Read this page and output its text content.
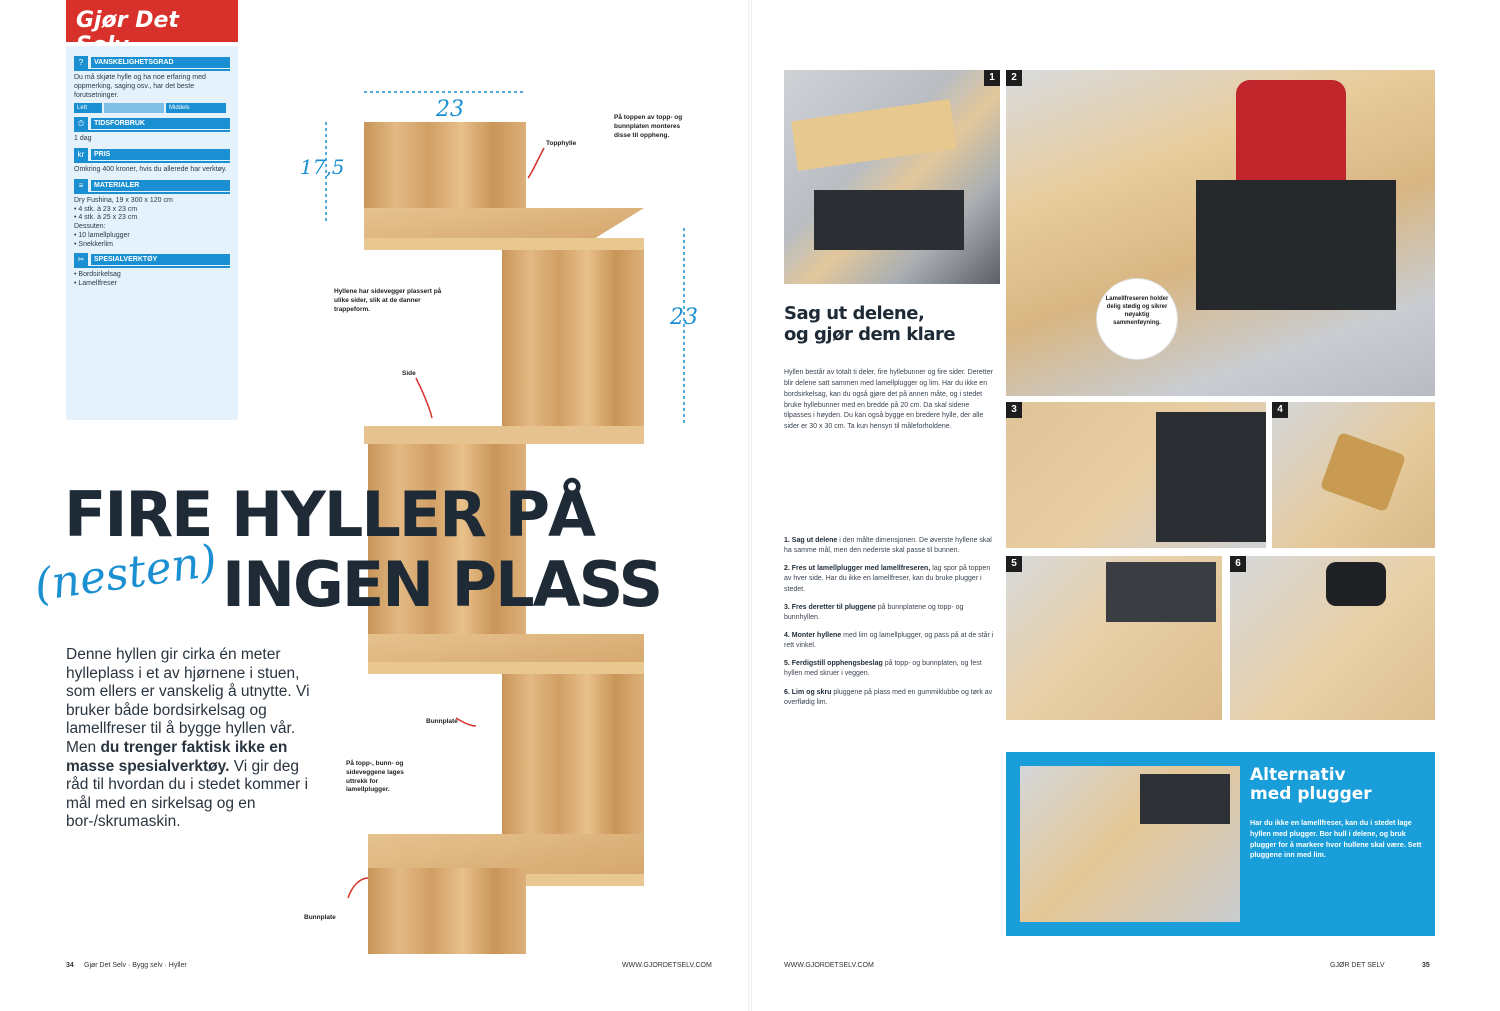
Gjør Det
?	VANSKELIGHETSGRAD
Du må skjøte hylle og ha noe erfaring med oppmerking, saging osv., har det beste forutsetninger.
Lett	Middels
⏱	TIDSFORBRUK
1 dag
kr	PRIS
Omkring 400 kroner, hvis du allerede har verktøy.
≡	MATERIALER
Dry Fushina, 19 x 300 x 120 cm
• 4 stk. à 23 x 23 cm
• 4 stk. à 25 x 23 cm
Dessuten:
• 10 lamellplugger
• Snekkerlim
✂	SPESIALVERKTØY
• Bordsirkelsag
• Lamellfreser
23
17,5
23
Topphylle
På toppen av topp- og bunnplaten monteres disse til oppheng.
Hyllene har sidevegger plassert på ulike sider, slik at de danner trappeform.
Side
Bunnplate
På topp-, bunn- og sideveggene lages uttrekk for lamellplugger.
Bunnplate
FIRE HYLLER PÅ
INGEN PLASS
(nesten)
Denne hyllen gir cirka én meter hylleplass i et av hjørnene i stuen, som ellers er vanskelig å utnytte. Vi bruker både bordsirkelsag og lamellfreser til å bygge hyllen vår. Men du trenger faktisk ikke en masse spesialverktøy. Vi gir deg råd til hvordan du i stedet kommer i mål med en sirkelsag og en bor-/skrumaskin.
34 Gjør Det Selv · Bygg selv · Hyller	WWW.GJORDETSELV.COM
1	2
Lamellfreseren holder delig stødig og sikrer nøyaktig sammenføyning.
3	4
5	6
Sag ut delene,
og gjør dem klare
Hyllen består av totalt ti deler, fire hyllebunner og fire sider. Deretter blir delene satt sammen med lamellplugger og lim. Har du ikke en bordsirkelsag, kan du også gjøre det på annen måte, og i stedet bruke hyllebunner med en bredde på 20 cm. Da skal sidene tilpasses i høyden. Du kan også bygge en bredere hylle, der alle sider er 30 x 30 cm. Ta kun hensyn til måleforholdene.
1. Sag ut delene i den målte dimensjonen. De øverste hyllene skal ha samme mål, men den nederste skal passe til bunnen.
2. Fres ut lamellplugger med lamellfreseren, lag spor på toppen av hver side. Har du ikke en lamellfreser, kan du bruke plugger i stedet.
3. Fres deretter til pluggene på bunnplatene og topp- og bunnhyllen.
4. Monter hyllene med lim og lamellplugger, og pass på at de står i rett vinkel.
5. Ferdigstill opphengsbeslag på topp- og bunnplaten, og fest hyllen med skruer i veggen.
6. Lim og skru pluggene på plass med en gummiklubbe og tørk av overflødig lim.
Alternativ
med plugger
Har du ikke en lamellfreser, kan du i stedet lage hyllen med plugger. Bor hull i delene, og bruk plugger for å markere hvor hullene skal være. Sett pluggene inn med lim.
WWW.GJORDETSELV.COM	GJØR DET SELV	35
